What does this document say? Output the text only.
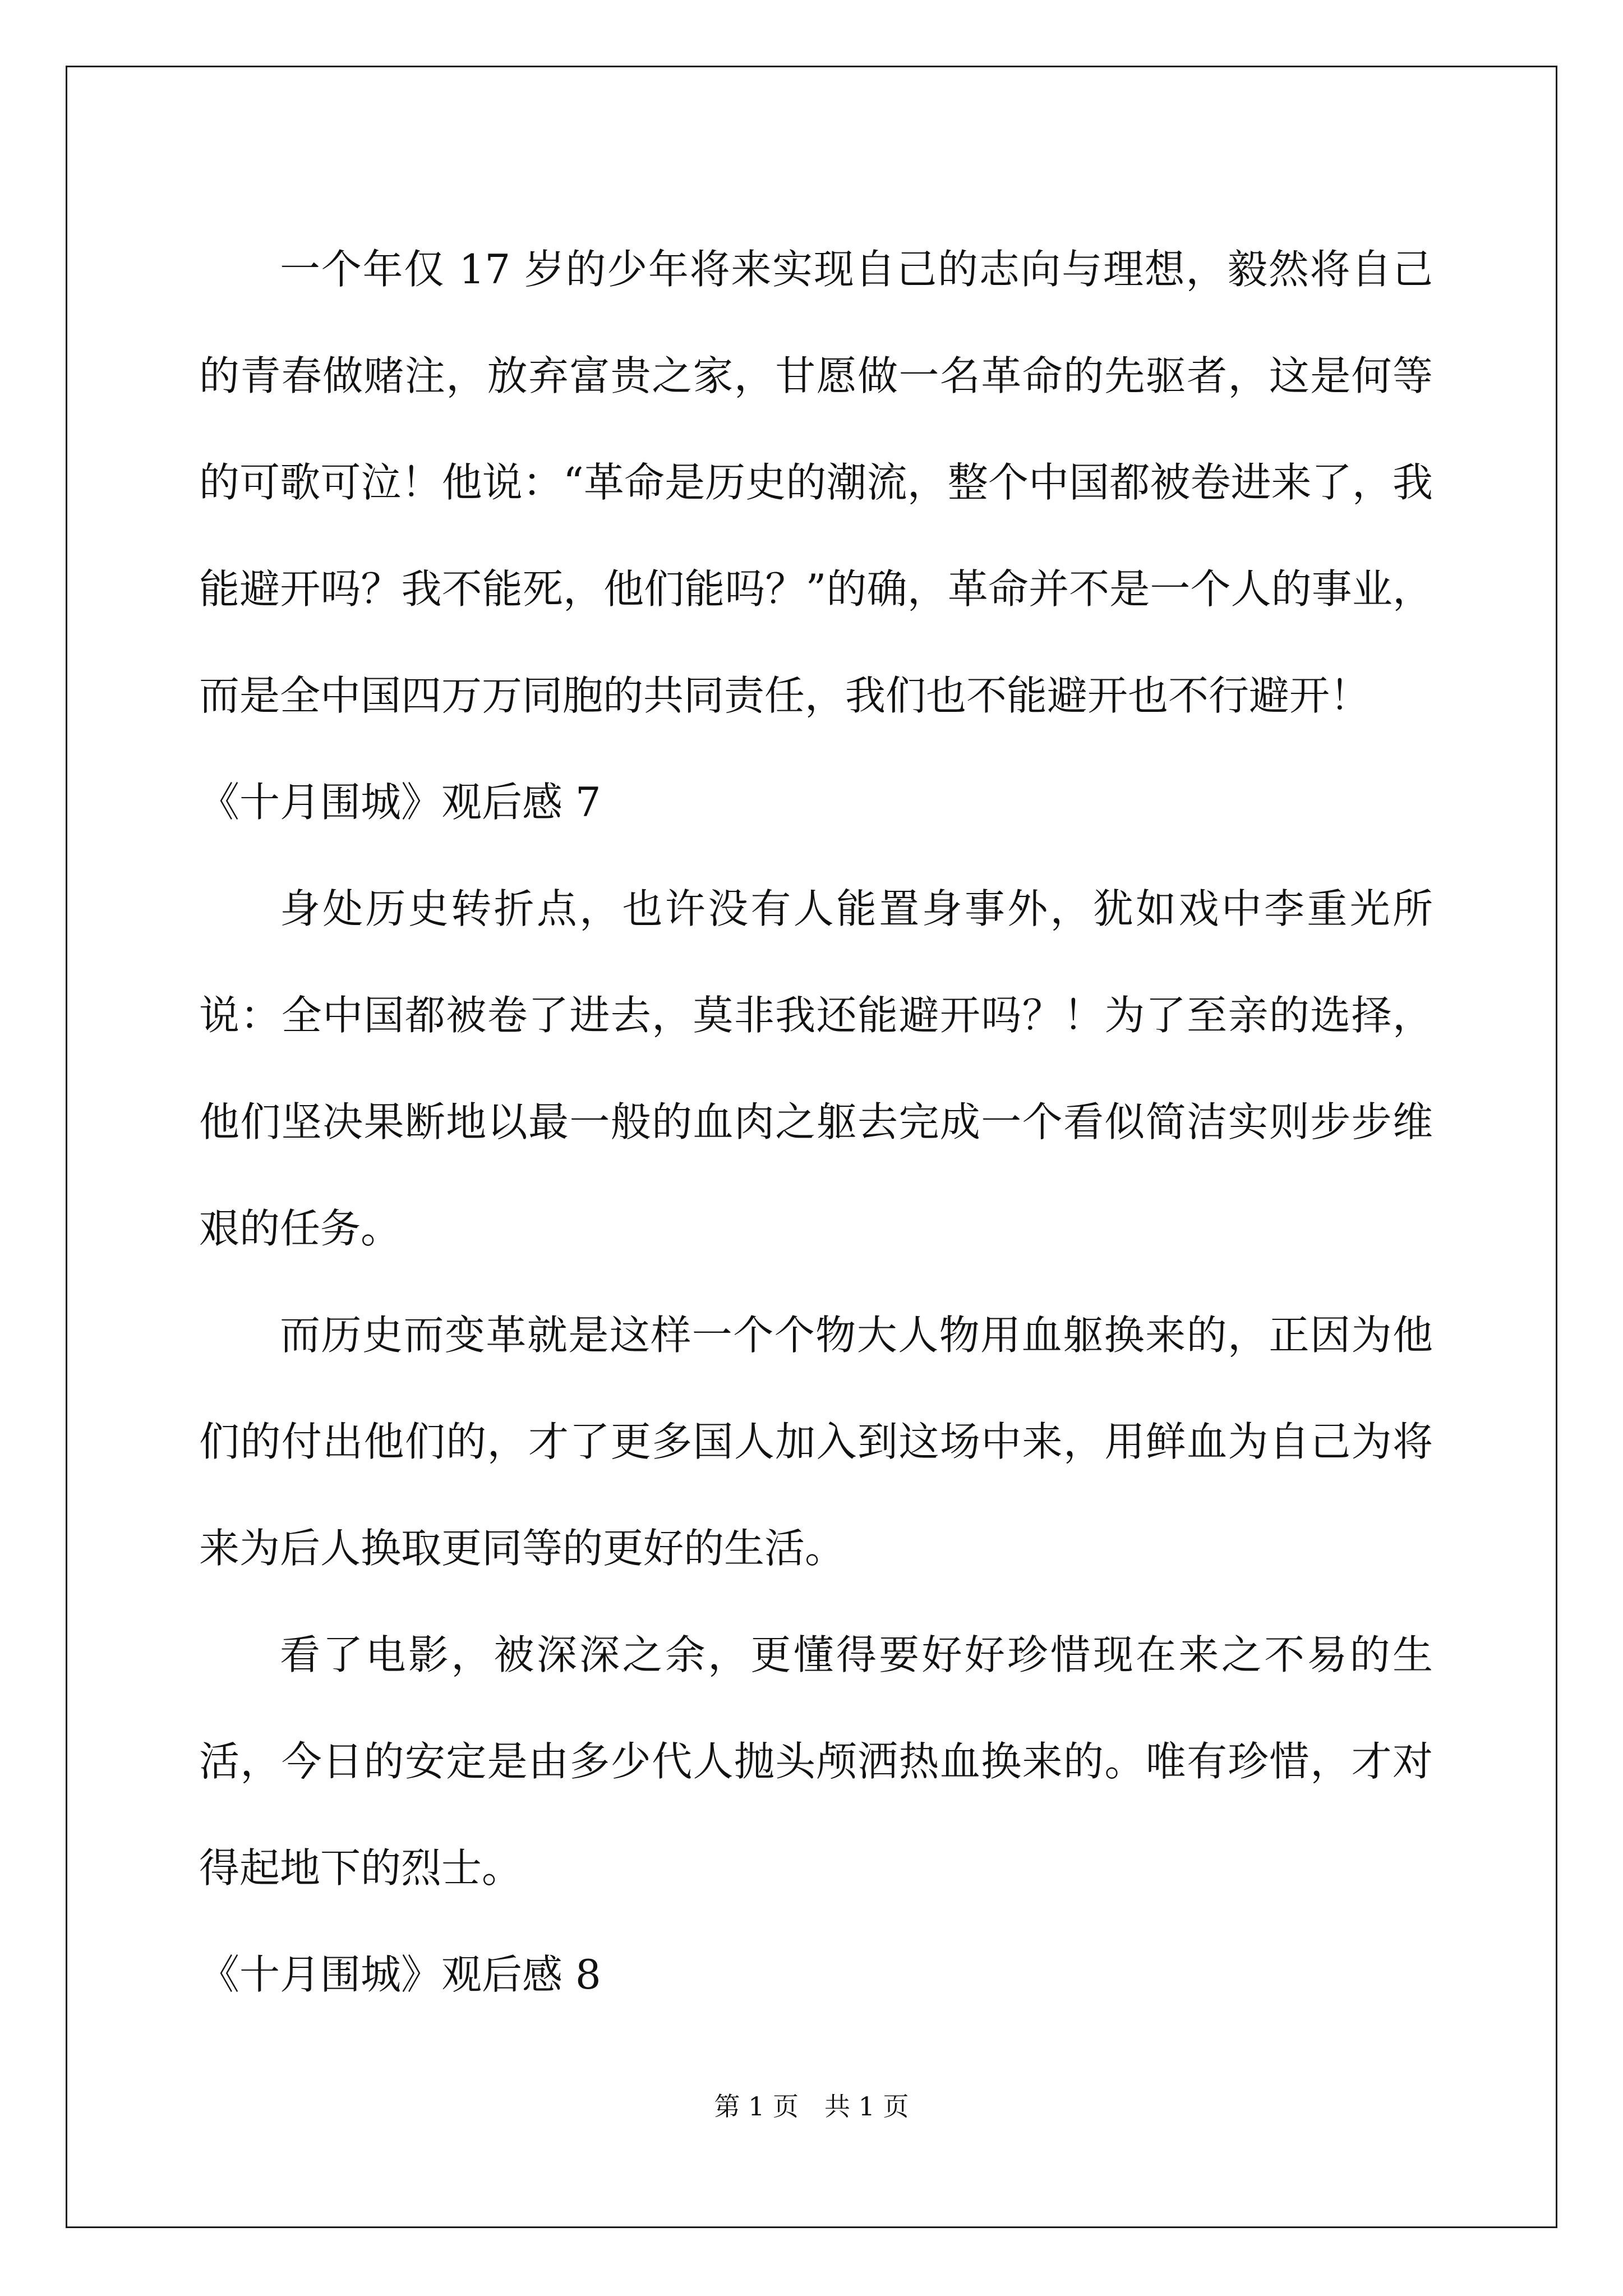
一个年仅 17 岁的少年将来实现自己的志向与理想，毅然将自己的青春做赌注，放弃富贵之家，甘愿做一名革命的先驱者，这是何等的可歌可泣！他说：“革命是历史的潮流，整个中国都被卷进来了，我能避开吗？我不能死，他们能吗？”的确，革命并不是一个人的事业，而是全中国四万万同胞的共同责任，我们也不能避开也不行避开！

《十月围城》观后感 7

身处历史转折点，也许没有人能置身事外，犹如戏中李重光所说：全中国都被卷了进去，莫非我还能避开吗？！为了至亲的选择，他们坚决果断地以最一般的血肉之躯去完成一个看似简洁实则步步维艰的任务。

而历史而变革就是这样一个个物大人物用血躯换来的，正因为他们的付出他们的，才了更多国人加入到这场中来，用鲜血为自己为将来为后人换取更同等的更好的生活。

看了电影，被深深之余，更懂得要好好珍惜现在来之不易的生活，今日的安定是由多少代人抛头颅洒热血换来的。唯有珍惜，才对得起地下的烈士。

《十月围城》观后感 8

第 1 页 共 1 页
